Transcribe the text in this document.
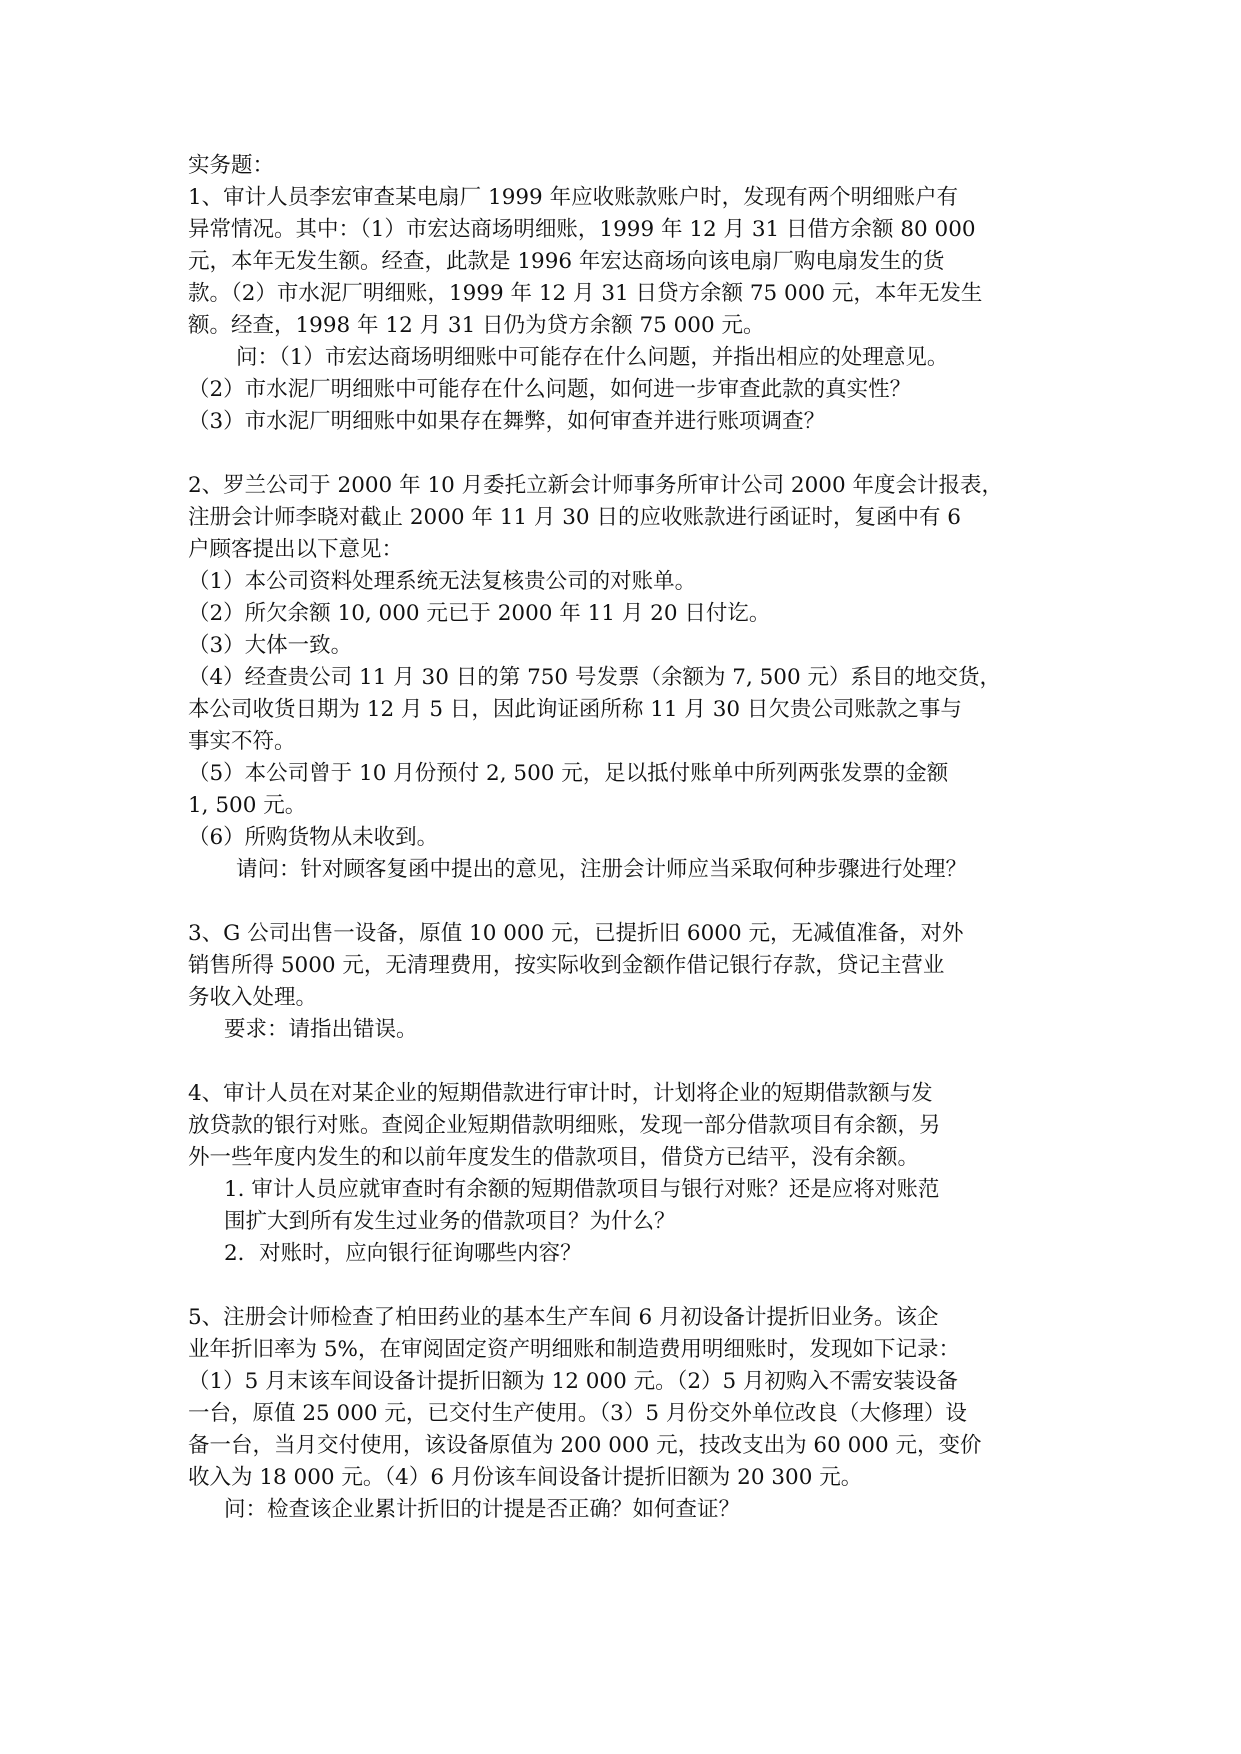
实务题：
1、审计人员李宏审查某电扇厂 1999 年应收账款账户时，发现有两个明细账户有
异常情况。其中：（1）市宏达商场明细账，1999 年 12 月 31 日借方余额 80 000
元，本年无发生额。经查，此款是 1996 年宏达商场向该电扇厂购电扇发生的货
款。（2）市水泥厂明细账，1999 年 12 月 31 日贷方余额 75 000 元，本年无发生
额。经查，1998 年 12 月 31 日仍为贷方余额 75 000 元。
问：（1）市宏达商场明细账中可能存在什么问题，并指出相应的处理意见。
（2）市水泥厂明细账中可能存在什么问题，如何进一步审查此款的真实性？
（3）市水泥厂明细账中如果存在舞弊，如何审查并进行账项调查？
2、罗兰公司于 2000 年 10 月委托立新会计师事务所审计公司 2000 年度会计报表，
注册会计师李晓对截止 2000 年 11 月 30 日的应收账款进行函证时，复函中有 6
户顾客提出以下意见：
（1）本公司资料处理系统无法复核贵公司的对账单。
（2）所欠余额 10, 000 元已于 2000 年 11 月 20 日付讫。
（3）大体一致。
（4）经查贵公司 11 月 30 日的第 750 号发票（余额为 7, 500 元）系目的地交货，
本公司收货日期为 12 月 5 日，因此询证函所称 11 月 30 日欠贵公司账款之事与
事实不符。
（5）本公司曾于 10 月份预付 2, 500 元，足以抵付账单中所列两张发票的金额
1, 500 元。
（6）所购货物从未收到。
请问：针对顾客复函中提出的意见，注册会计师应当采取何种步骤进行处理？
3、G 公司出售一设备，原值 10 000 元，已提折旧 6000 元，无减值准备，对外
销售所得 5000 元，无清理费用，按实际收到金额作借记银行存款，贷记主营业
务收入处理。
要求：请指出错误。
4、审计人员在对某企业的短期借款进行审计时，计划将企业的短期借款额与发
放贷款的银行对账。查阅企业短期借款明细账，发现一部分借款项目有余额，另
外一些年度内发生的和以前年度发生的借款项目，借贷方已结平，没有余额。
1. 审计人员应就审查时有余额的短期借款项目与银行对账？还是应将对账范
围扩大到所有发生过业务的借款项目？为什么？
2．对账时，应向银行征询哪些内容？
5、注册会计师检查了柏田药业的基本生产车间 6 月初设备计提折旧业务。该企
业年折旧率为 5%，在审阅固定资产明细账和制造费用明细账时，发现如下记录：
（1）5 月末该车间设备计提折旧额为 12 000 元。（2）5 月初购入不需安装设备
一台，原值 25 000 元，已交付生产使用。（3）5 月份交外单位改良（大修理）设
备一台，当月交付使用，该设备原值为 200 000 元，技改支出为 60 000 元，变价
收入为 18 000 元。（4）6 月份该车间设备计提折旧额为 20 300 元。
问：检查该企业累计折旧的计提是否正确？如何查证？
